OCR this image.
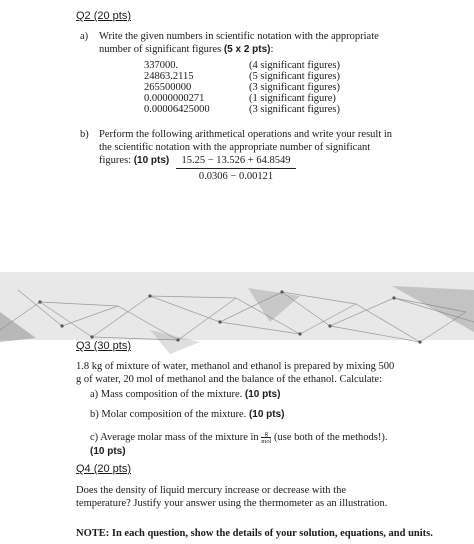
Q2 (20 pts)
a) Write the given numbers in scientific notation with the appropriate number of significant figures (5 x 2 pts):
337000.
24863.2115
265500000
0.0000000271
0.00006425000
(4 significant figures)
(5 significant figures)
(3 significant figures)
(1 significant figure)
(3 significant figures)
b) Perform the following arithmetical operations and write your result in the scientific notation with the appropriate number of significant figures: (10 pts)	15.25 − 13.526 + 64.8549
0.0306 − 0.00121
Q3 (30 pts)
1.8 kg of mixture of water, methanol and ethanol is prepared by mixing 500 g of water, 20 mol of methanol and the balance of the ethanol. Calculate:
a) Mass composition of the mixture. (10 pts)
b) Molar composition of the mixture. (10 pts)
c) Average molar mass of the mixture in g
mol (use both of the methods!). (10 pts)
Q4 (20 pts)
Does the density of liquid mercury increase or decrease with the temperature? Justify your answer using the thermometer as an illustration.
NOTE: In each question, show the details of your solution, equations, and units.
